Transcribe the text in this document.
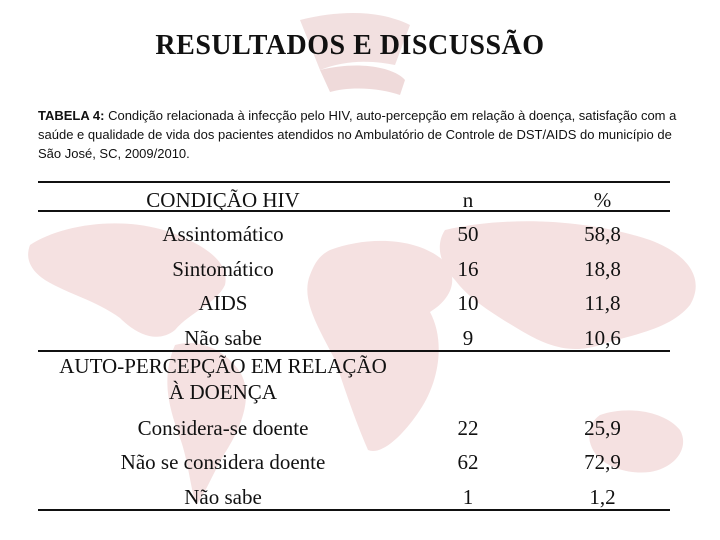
RESULTADOS E DISCUSSÃO
TABELA 4: Condição relacionada à infecção pelo HIV, auto-percepção em relação à doença, satisfação com a saúde e qualidade de vida dos pacientes atendidos no Ambulatório de Controle de DST/AIDS do município de São José, SC, 2009/2010.
CONDIÇÃO HIV	n	%
Assintomático	50	58,8
Sintomático	16	18,8
AIDS	10	11,8
Não sabe	9	10,6
AUTO-PERCEPÇÃO EM RELAÇÃO
À DOENÇA
Considera-se doente	22	25,9
Não se considera doente	62	72,9
Não sabe	1	1,2
